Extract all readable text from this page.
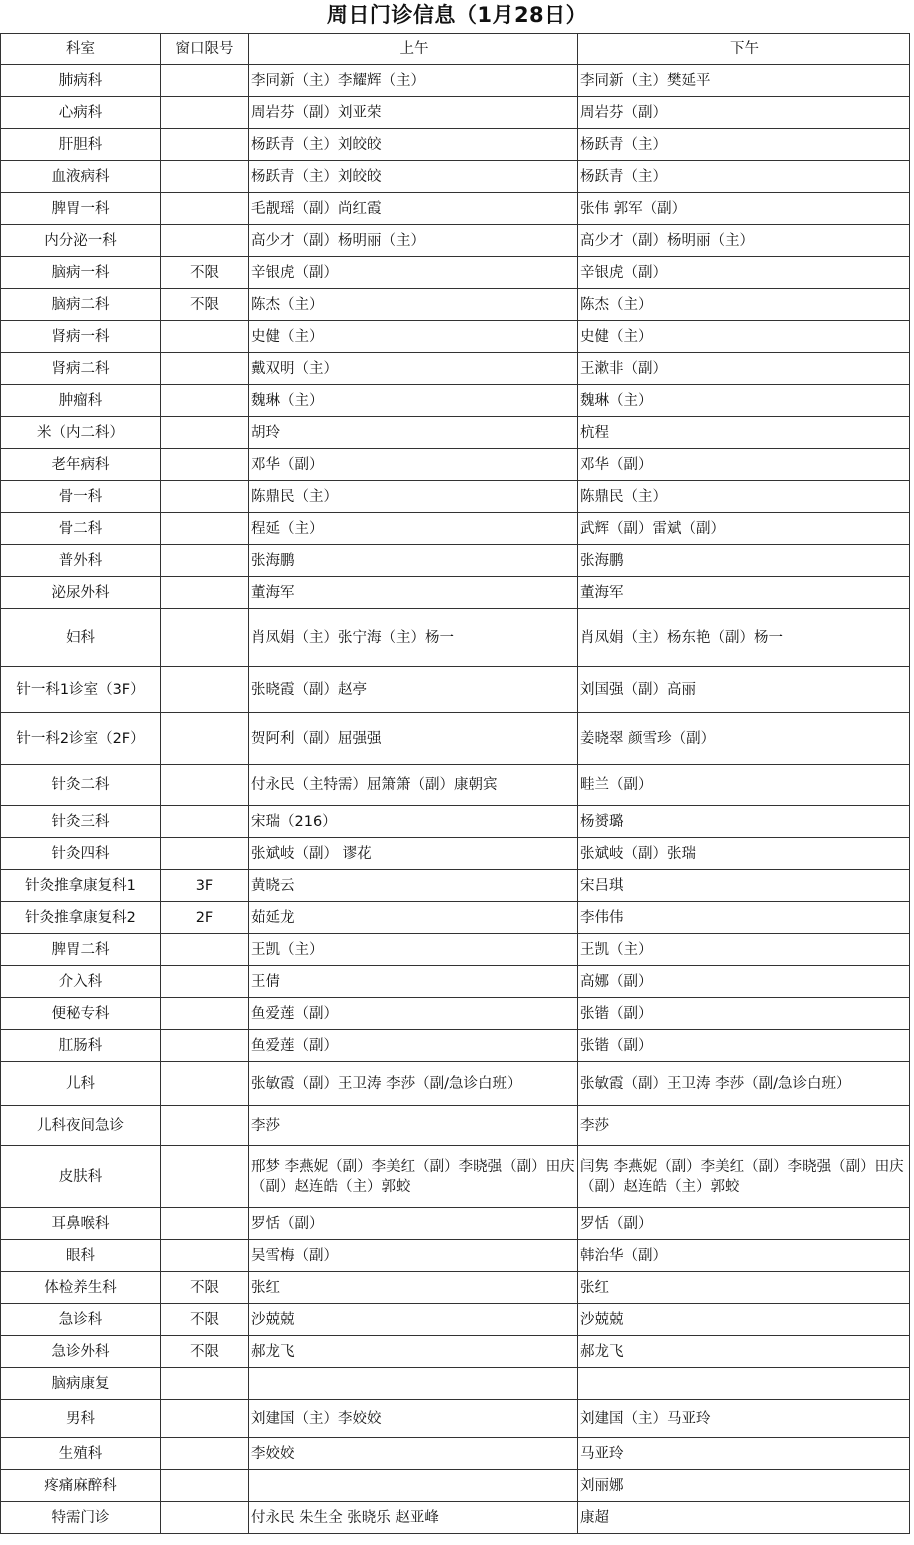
周日门诊信息（1月28日）
科室	窗口限号	上午	下午
肺病科		李同新（主）李耀辉（主）	李同新（主）樊延平
心病科		周岩芬（副）刘亚荣	周岩芬（副）
肝胆科		杨跃青（主）刘皎皎	杨跃青（主）
血液病科		杨跃青（主）刘皎皎	杨跃青（主）
脾胃一科		毛靓瑶（副）尚红霞	张伟 郭军（副）
内分泌一科		高少才（副）杨明丽（主）	高少才（副）杨明丽（主）
脑病一科	不限	辛银虎（副）	辛银虎（副）
脑病二科	不限	陈杰（主）	陈杰（主）
肾病一科		史健（主）	史健（主）
肾病二科		戴双明（主）	王漱非（副）
肿瘤科		魏琳（主）	魏琳（主）
米（内二科）		胡玲	杭程
老年病科		邓华（副）	邓华（副）
骨一科		陈鼎民（主）	陈鼎民（主）
骨二科		程延（主）	武辉（副）雷斌（副）
普外科		张海鹏	张海鹏
泌尿外科		董海军	董海军
妇科		肖凤娟（主）张宁海（主）杨一	肖凤娟（主）杨东艳（副）杨一
针一科1诊室（3F）		张晓霞（副）赵亭	刘国强（副）高丽
针一科2诊室（2F）		贺阿利（副）屈强强	姜晓翠 颜雪珍（副）
针灸二科		付永民（主特需）屈箫箫（副）康朝宾	畦兰（副）
针灸三科		宋瑞（216）	杨赟璐
针灸四科		张斌岐（副） 谬花	张斌岐（副）张瑞
针灸推拿康复科1	3F	黄晓云	宋吕琪
针灸推拿康复科2	2F	茹延龙	李伟伟
脾胃二科		王凯（主）	王凯（主）
介入科		王倩	高娜（副）
便秘专科		鱼爱莲（副）	张锴（副）
肛肠科		鱼爱莲（副）	张锴（副）
儿科		张敏霞（副）王卫涛 李莎（副/急诊白班）	张敏霞（副）王卫涛 李莎（副/急诊白班）
儿科夜间急诊		李莎	李莎
皮肤科		邢梦 李燕妮（副）李美红（副）李晓强（副）田庆（副）赵连皓（主）郭蛟	闫隽 李燕妮（副）李美红（副）李晓强（副）田庆（副）赵连皓（主）郭蛟
耳鼻喉科		罗恬（副）	罗恬（副）
眼科		吴雪梅（副）	韩治华（副）
体检养生科	不限	张红	张红
急诊科	不限	沙兢兢	沙兢兢
急诊外科	不限	郝龙飞	郝龙飞
脑病康复			
男科		刘建国（主）李姣姣	刘建国（主）马亚玲
生殖科		李姣姣	马亚玲
疼痛麻醉科			刘丽娜
特需门诊		付永民 朱生全 张晓乐 赵亚峰	康超
